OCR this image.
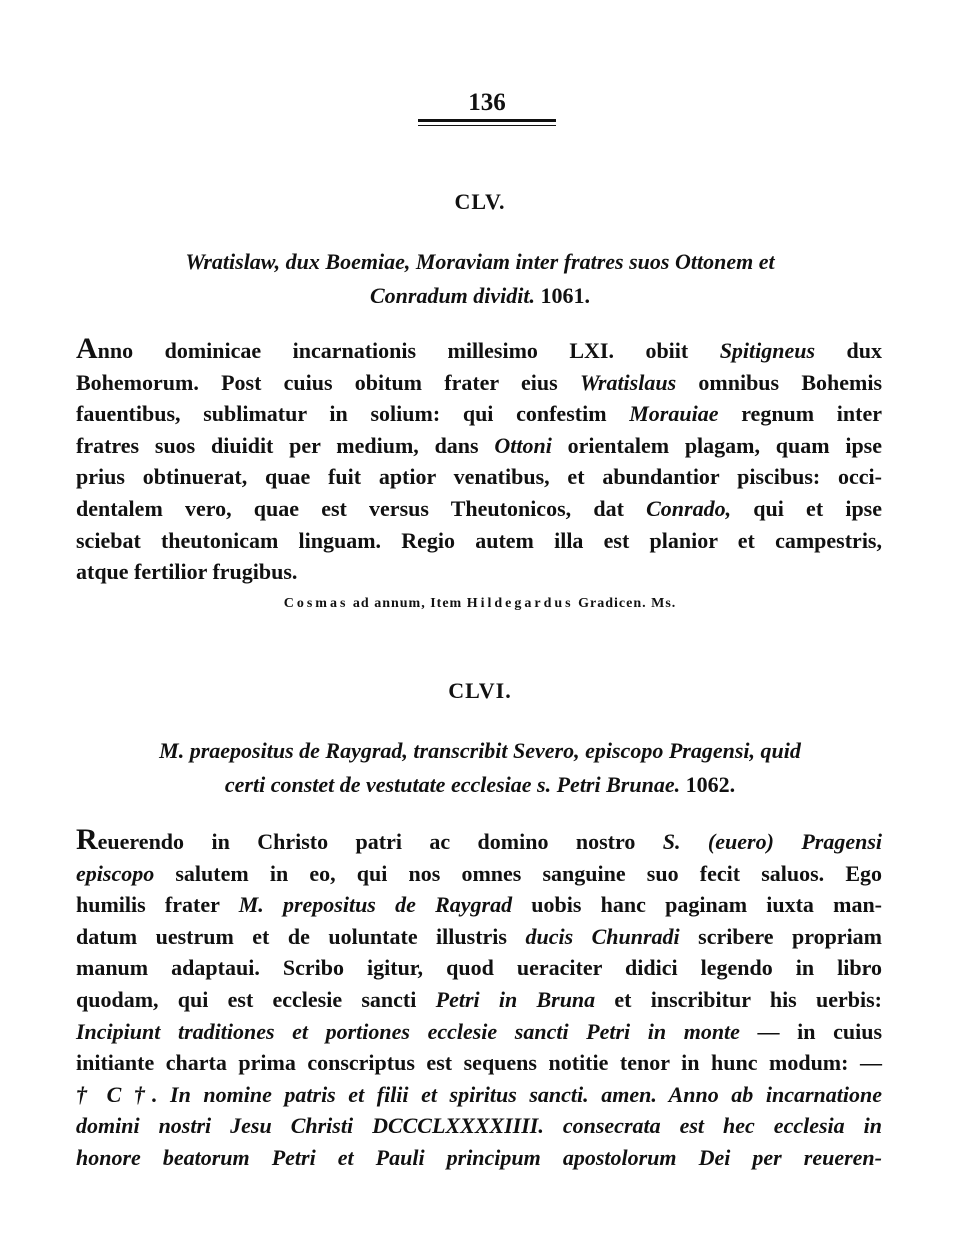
136
CLV.
Wratislaw, dux Boemiae, Moraviam inter fratres suos Ottonem et
Conradum dividit. 1061.
Anno dominicae incarnationis millesimo LXI. obiit Spitigneus dux
Bohemorum. Post cuius obitum frater eius Wratislaus omnibus Bohemis
fauentibus, sublimatur in solium: qui confestim Morauiae regnum inter
fratres suos diuidit per medium, dans Ottoni orientalem plagam, quam ipse
prius obtinuerat, quae fuit aptior venatibus, et abundantior piscibus: occi-
dentalem vero, quae est versus Theutonicos, dat Conrado, qui et ipse
sciebat theutonicam linguam. Regio autem illa est planior et campestris,
atque fertilior frugibus.
Cosmas ad annum, Item Hildegardus Gradicen. Ms.
CLVI.
M. praepositus de Raygrad, transcribit Severo, episcopo Pragensi, quid
certi constet de vestutate ecclesiae s. Petri Brunae. 1062.
Reuerendo in Christo patri ac domino nostro S. (euero) Pragensi
episcopo salutem in eo, qui nos omnes sanguine suo fecit saluos. Ego
humilis frater M. prepositus de Raygrad uobis hanc paginam iuxta man-
datum uestrum et de uoluntate illustris ducis Chunradi scribere propriam
manum adaptaui. Scribo igitur, quod ueraciter didici legendo in libro
quodam, qui est ecclesie sancti Petri in Bruna et inscribitur his uerbis:
Incipiunt traditiones et portiones ecclesie sancti Petri in monte — in cuius
initiante charta prima conscriptus est sequens notitie tenor in hunc modum: —
† C †. In nomine patris et filii et spiritus sancti. amen. Anno ab incarnatione
domini nostri Jesu Christi DCCCLXXXXIIII. consecrata est hec ecclesia in
honore beatorum Petri et Pauli principum apostolorum Dei per reueren-
